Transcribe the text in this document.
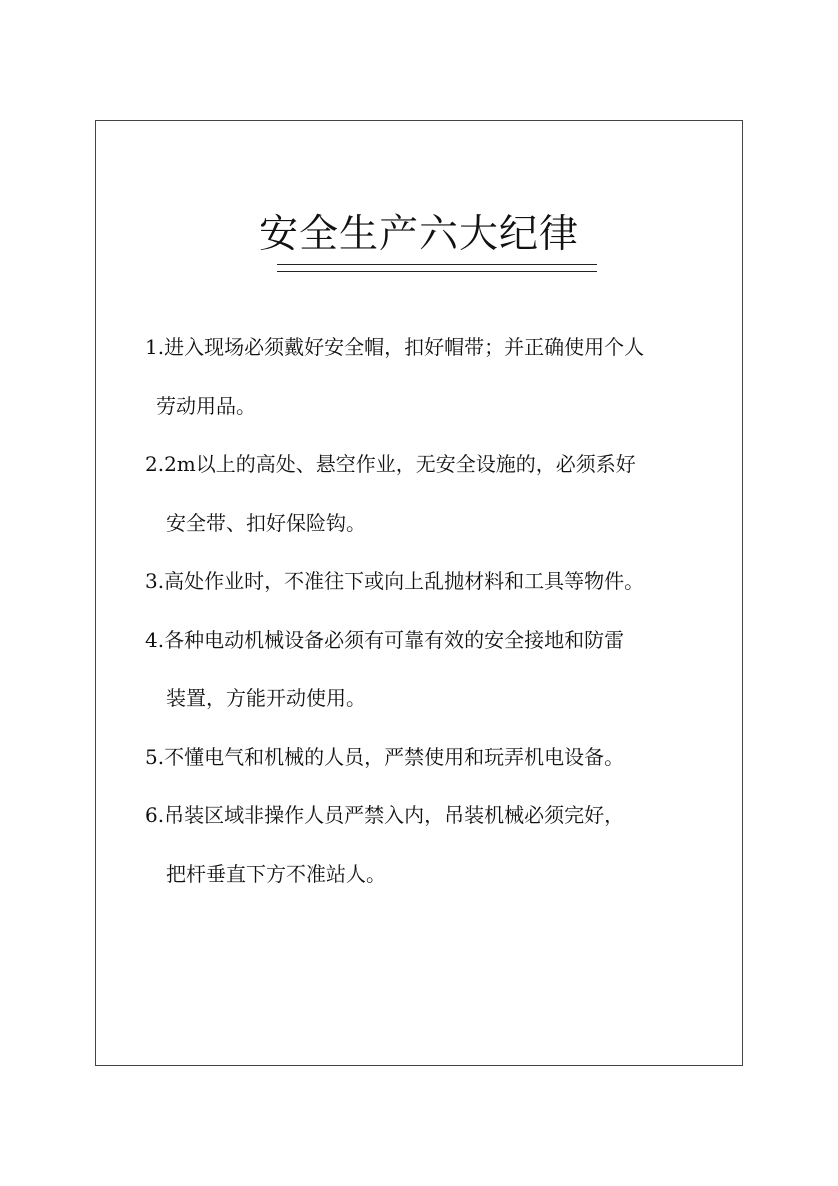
安全生产六大纪律
1.进入现场必须戴好安全帽，扣好帽带；并正确使用个人
劳动用品。
2.2m以上的高处、悬空作业，无安全设施的，必须系好
安全带、扣好保险钩。
3.高处作业时，不准往下或向上乱抛材料和工具等物件。
4.各种电动机械设备必须有可靠有效的安全接地和防雷
装置，方能开动使用。
5.不懂电气和机械的人员，严禁使用和玩弄机电设备。
6.吊装区域非操作人员严禁入内，吊装机械必须完好，
把杆垂直下方不准站人。
